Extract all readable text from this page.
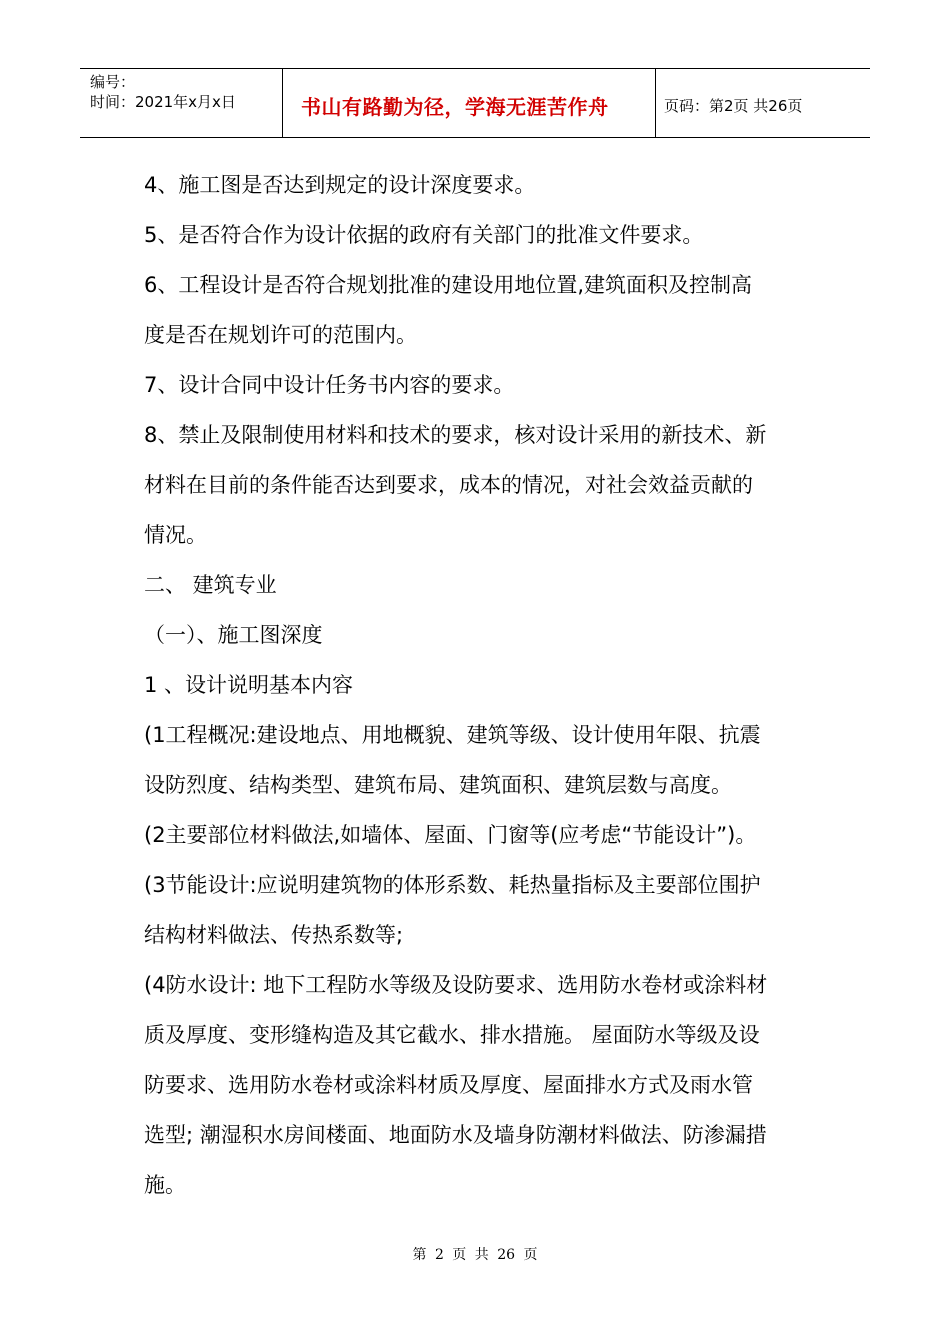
编号：
时间：2021年x月x日	书山有路勤为径，学海无涯苦作舟	页码：第2页 共26页
4、施工图是否达到规定的设计深度要求。
5、是否符合作为设计依据的政府有关部门的批准文件要求。
6、工程设计是否符合规划批准的建设用地位置,建筑面积及控制高
度是否在规划许可的范围内。
7、设计合同中设计任务书内容的要求。
8、禁止及限制使用材料和技术的要求，核对设计采用的新技术、新
材料在目前的条件能否达到要求，成本的情况，对社会效益贡献的
情况。
二、 建筑专业
（一）、施工图深度
1 、设计说明基本内容
(1工程概况:建设地点、用地概貌、建筑等级、设计使用年限、抗震
设防烈度、结构类型、建筑布局、建筑面积、建筑层数与高度。
(2主要部位材料做法,如墙体、屋面、门窗等(应考虑“节能设计”)。
(3节能设计:应说明建筑物的体形系数、耗热量指标及主要部位围护
结构材料做法、传热系数等;
(4防水设计: 地下工程防水等级及设防要求、选用防水卷材或涂料材
质及厚度、变形缝构造及其它截水、排水措施。 屋面防水等级及设
防要求、选用防水卷材或涂料材质及厚度、屋面排水方式及雨水管
选型; 潮湿积水房间楼面、地面防水及墙身防潮材料做法、防渗漏措
施。
第 2 页 共 26 页
